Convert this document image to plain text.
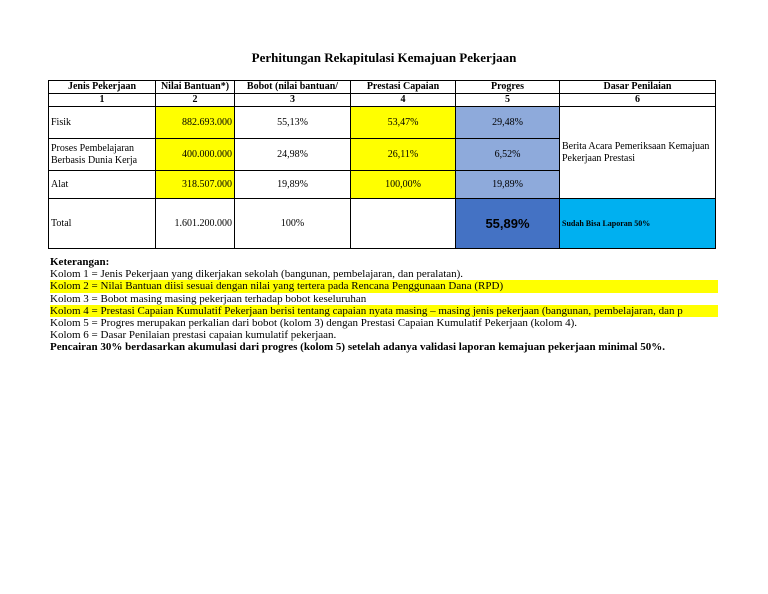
Perhitungan Rekapitulasi Kemajuan Pekerjaan
Jenis Pekerjaan	Nilai Bantuan*)	Bobot (nilai bantuan/	Prestasi Capaian	Progres	Dasar Penilaian
1	2	3	4	5	6
Fisik	882.693.000	55,13%	53,47%	29,48%	Berita Acara Pemeriksaan Kemajuan Pekerjaan Prestasi
Proses Pembelajaran Berbasis Dunia Kerja	400.000.000	24,98%	26,11%	6,52%	
Alat	318.507.000	19,89%	100,00%	19,89%	
Total	1.601.200.000	100%		55,89%	Sudah Bisa Laporan 50%
Keterangan:
Kolom 1 = Jenis Pekerjaan yang dikerjakan sekolah (bangunan, pembelajaran, dan peralatan).
Kolom 2 = Nilai Bantuan diisi sesuai dengan nilai yang tertera pada Rencana Penggunaan Dana (RPD)
Kolom 3 = Bobot masing masing pekerjaan terhadap bobot keseluruhan
Kolom 4 = Prestasi Capaian Kumulatif Pekerjaan berisi tentang capaian nyata masing – masing jenis pekerjaan (bangunan, pembelajaran, dan p
Kolom 5 = Progres merupakan perkalian dari bobot (kolom 3) dengan Prestasi Capaian Kumulatif Pekerjaan (kolom 4).
Kolom 6 = Dasar Penilaian prestasi capaian kumulatif pekerjaan.
Pencairan 30% berdasarkan akumulasi dari progres (kolom 5) setelah adanya validasi laporan kemajuan pekerjaan minimal 50%.
